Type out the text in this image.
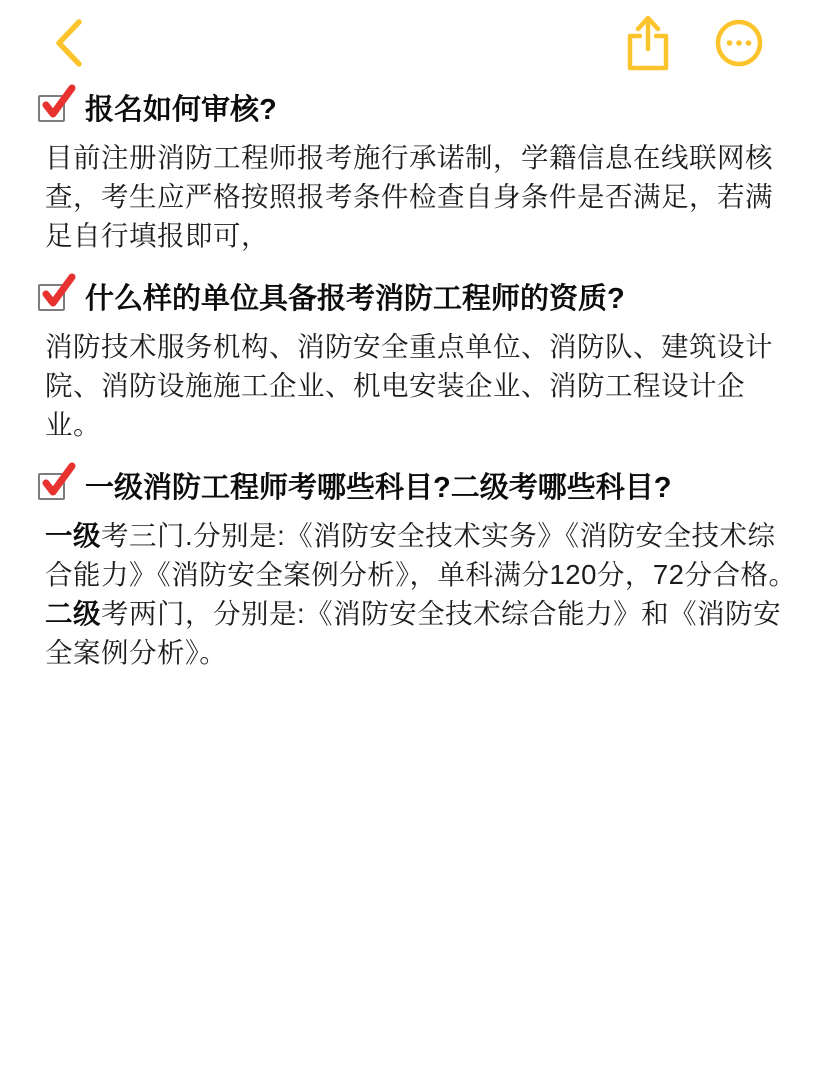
报名如何审核?

目前注册消防工程师报考施行承诺制，学籍信息在线联网核查，考生应严格按照报考条件检查自身条件是否满足，若满足自行填报即可，

什么样的单位具备报考消防工程师的资质?

消防技术服务机构、消防安全重点单位、消防队、建筑设计院、消防设施施工企业、机电安装企业、消防工程设计企业。

一级消防工程师考哪些科目?二级考哪些科目?

一级考三门.分别是:《消防安全技术实务》《消防安全技术综合能力》《消防安全案例分析》，单科满分120分，72分合格。

二级考两门，分别是:《消防安全技术综合能力》和《消防安全案例分析》。
